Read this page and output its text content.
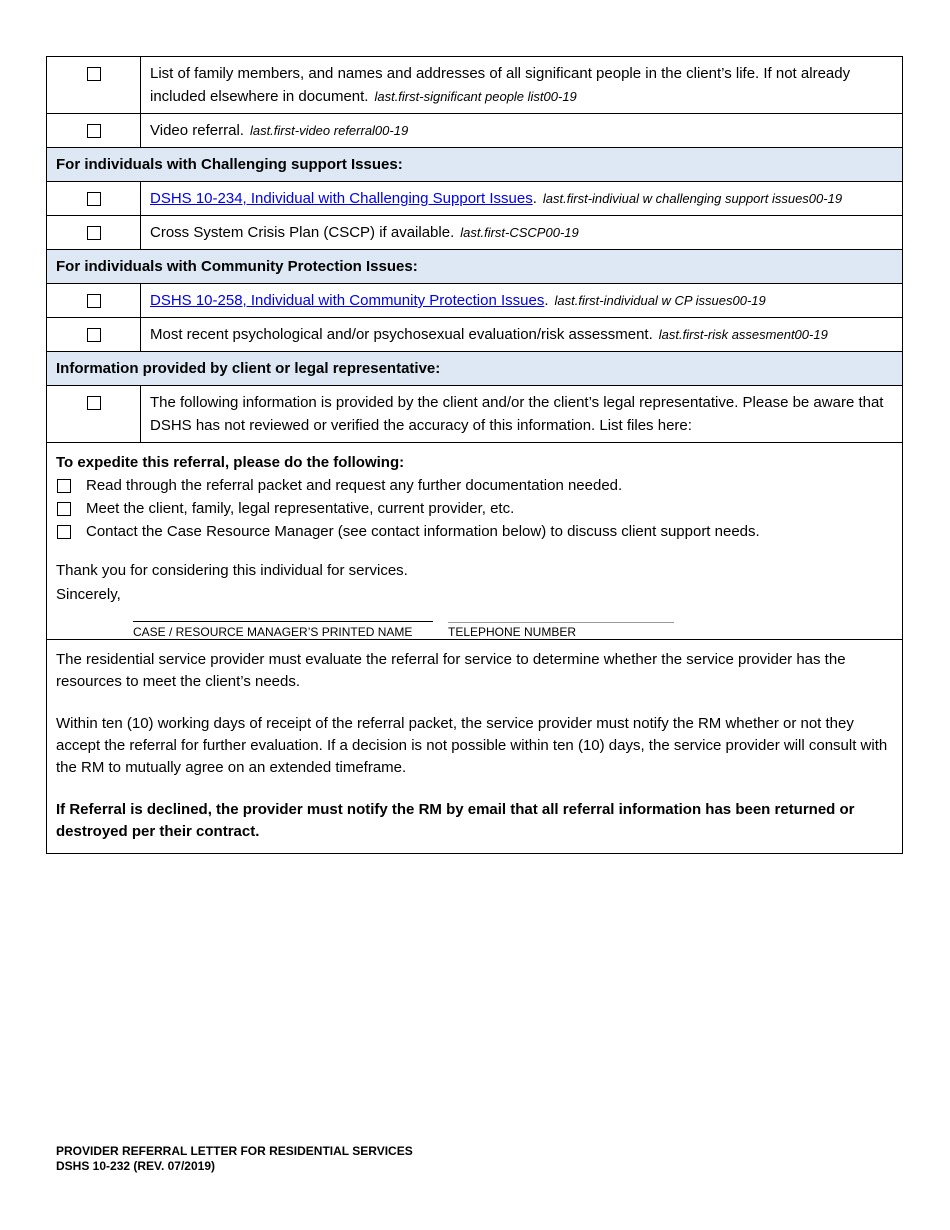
	List of family members, and names and addresses of all significant people in the client’s life. If not already included elsewhere in document. last.first-significant people list00-19
	Video referral. last.first-video referral00-19
For individuals with Challenging support Issues:	
	DSHS 10-234, Individual with Challenging Support Issues. last.first-indiviual w challenging support issues00-19
	Cross System Crisis Plan (CSCP) if available. last.first-CSCP00-19
For individuals with Community Protection Issues:	
	DSHS 10-258, Individual with Community Protection Issues. last.first-individual w CP issues00-19
	Most recent psychological and/or psychosexual evaluation/risk assessment. last.first-risk assesment00-19
Information provided by client or legal representative:	
	The following information is provided by the client and/or the client’s legal representative. Please be aware that DSHS has not reviewed or verified the accuracy of this information. List files here:
To expedite this referral, please do the following:
Read through the referral packet and request any further documentation needed.
Meet the client, family, legal representative, current provider, etc.
Contact the Case Resource Manager (see contact information below) to discuss client support needs.
Thank you for considering this individual for services.
Sincerely,
CASE / RESOURCE MANAGER’S PRINTED NAME	TELEPHONE NUMBER

The residential service provider must evaluate the referral for service to determine whether the service provider has the resources to meet the client’s needs.

Within ten (10) working days of receipt of the referral packet, the service provider must notify the RM whether or not they accept the referral for further evaluation. If a decision is not possible within ten (10) days, the service provider will consult with the RM to mutually agree on an extended timeframe.

If Referral is declined, the provider must notify the RM by email that all referral information has been returned or destroyed per their contract.

PROVIDER REFERRAL LETTER FOR RESIDENTIAL SERVICES
DSHS 10-232 (REV. 07/2019)
